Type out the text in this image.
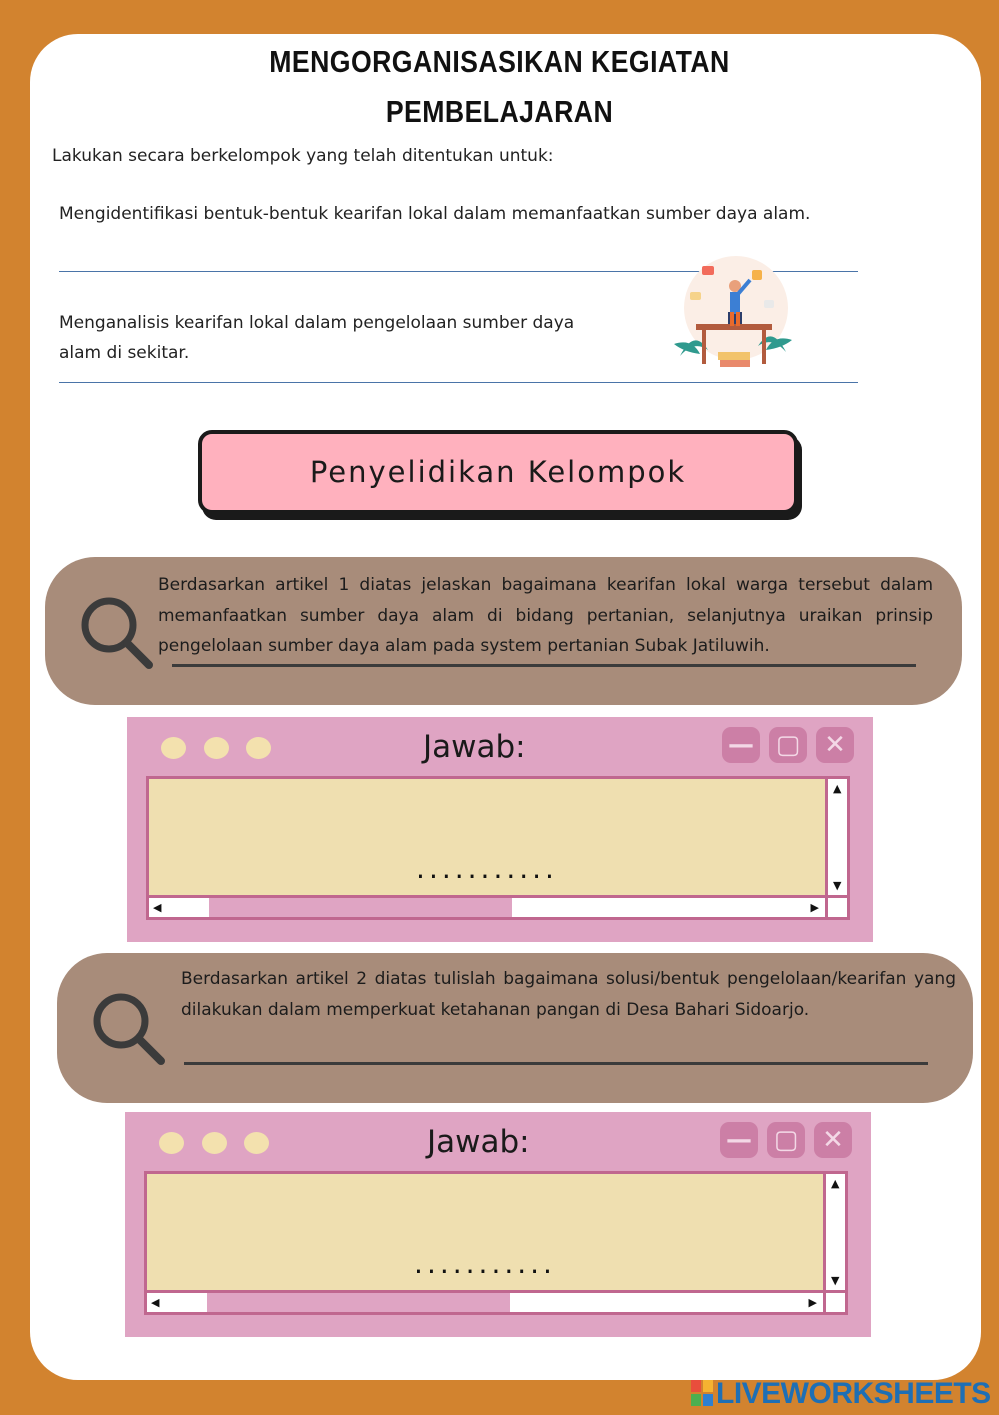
MENGORGANISASIKAN KEGIATAN
PEMBELAJARAN
Lakukan secara berkelompok yang telah ditentukan untuk:
Mengidentifikasi bentuk-bentuk kearifan lokal dalam memanfaatkan sumber daya alam.
Menganalisis kearifan lokal dalam pengelolaan sumber daya alam di sekitar.
Penyelidikan Kelompok
Berdasarkan artikel 1 diatas jelaskan bagaimana kearifan lokal warga tersebut dalam memanfaatkan sumber daya alam di bidang pertanian, selanjutnya uraikan prinsip pengelolaan sumber daya alam pada system pertanian Subak Jatiluwih.
Jawab:	— ▢ ✕
...........
▲
▼
◀	▶
Berdasarkan artikel 2 diatas tulislah bagaimana solusi/bentuk pengelolaan/kearifan yang dilakukan dalam memperkuat ketahanan pangan di Desa Bahari Sidoarjo.
Jawab:	— ▢ ✕
...........
▲
▼
◀	▶
LIVEWORKSHEETS
